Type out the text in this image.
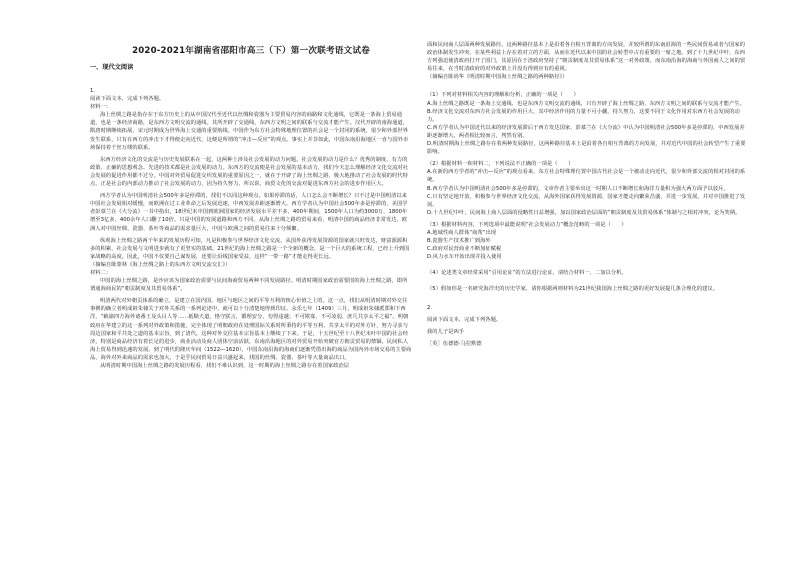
2020-2021年湖南省邵阳市高三（下）第一次联考语文试卷
一、现代文阅读

1.

阅读下面文本，完成下列各题。

材料一：

海上丝绸之路是指存在于东方历史上的从中国汉代至近代以丝绸和瓷器为主要贸易内容的商路和文化通线，它既是一条海上贸易通道，也是一条经济商路，是东西方文明交流的通线。其所开辟了交通线，东西方文明之间的联系与交流才能产生。汉代开辟的南海通道，隋唐时期继续拓展，宋元时期成为世界海上交通的重要航线。中国作为东方社会特殊地理位置的社会是一个封闭的系统，很少和外部世界发生联系，只有在西方的冲击下才得便走向近代，这便是所谓的“冲击—反应”的观点。事实上并非如此，中国东南沿海地区一直与国外市场保持着千丝万缕的联系。

东西方经济文化的交流是与历史发展联系在一起，这两种上涉及社会发展的动力问题。社会发展的动力是什么？优秀的制度、有力的政策、正确的思想观念、先进的技术都是社会发展的动力。东西方的交流便是社会发展的基本动力，找们今天怎么理解经济文化交流对社会发展的促进作用都不过分。中国对外贸易促进交织发展的重要原因之一，就在于开辟了海上丝绸之路，极大地推动了社会发展的时代特点，正是社会的内部动力推动了社会发展的动力，因为持久努力，所以说，商贸文化的交流对促进东西方社会的进步作用巨大。

西方学者认为中国明清社会500年多是停滞的，找们不以同这种观点。如果停滞的话，人口怎么会不断增长？只不过是中国明清以来中国社会发展相对缓慢，而欧洲在过工业革命之后发展迅速，中西发展差距逐渐增大。西方学者认为中国社会500年多是停滞的，美国学者彭慕兰在《大分流》一书中指出，18世纪末中国到欧洲国家的经济发展水平差不多，400年期间，1500年人口为约3000万，1800年增至3亿多，400余年人口翻了10倍。只是中国的发展道路和西方不同。从海上丝绸之路的贸易来看，明清中国的商品经济非常发达，欧洲人对中国丝绸、瓷器、茶叶等商品的需求量巨大，中国与欧洲之间的贸易往来十分频繁。

纵观海上丝绸之路两千年来的发展历程可知，凡是积极参与世界经济文化交流，从国外获得发展资源的国家就兴旺发达，财富源源积多的积累，社会发展与文明进步就有了更坚实的基础。21世纪的海上丝绸之路是一个全新的概念，是一个巨大的系统工程，已经上升到国家战略的高度。因此，中国不仅要自己谋发展，还要让沿线国家受益，这样“一带一路”才能走得更长远。

（摘编自陈蒙林《海上丝绸之路上的东西方文明交流交汇》）

材料二：

中国的海上丝绸之路，是沙应该为国家政治需要与民间海商贸易两种不同发展路径。明清时期国家政治需要国的海上丝绸之路，即所谓通海商民的“朝贡制度及其贸易体系”。

明清两代对外朝贡体系的确立，是建立在国内国、地区与地区之间的平等互利的核心价值之上的。这一点，找们从明清时期对外交往事例的确立者明成祖朱棣关于对外关系的一系列论述中，就可以十分清楚地得到印证。永乐七年（1409）三月，明成祖朱棣派郑和下西洋，“敕谕四方海外诸番王及头目人等……祗顺天道，恪守朕言，循理安分，勿得违越；不可欺寡，不可凌弱，庶几共享太平之福”。明朝政府在华建立的这一系列对外政策和措施，完全体现了明朝政府在处理国际关系时所秉持的平等互利、共享太平的对外方针，努力寻求与周边国家和平共处之道的基本宗旨。到了清代，这种对外交往基本宗旨基本上继续了下来。于是，十五世纪至十八世纪末叶中国的社会经济，特别是商品经济有着长足的进步，商业活动及商人团体空前活跃，东南沿海地区的对外贸易开始突破官方朝贡贸易的禁锢，民间私人海上贸易得到迅速的发展。到了明代的隆庆年间（1522—1620），中国东南沿海的海商们逐渐凭借出海的商品为国内外市场交易的主要商品，海外对外来商品的需求也加大，于是乎民间贸易日益兴盛起来，找国的丝绸、瓷器、茶叶等大量商品出口。

从明清时期中国海上丝绸之路的发展历程看，找们不难认识到，这一时期的海上丝绸之路存在着国家政治层

面和民间商人层面两种发展路径。这两种路径基本上是沿着各自相互背离的方向发展，并较所谓的东南沿海的一些民间贸易或者与国家的政治体制发生冲突，在某些利益上存在着对立的方面，从而在近代以来中国的社会转型中占有重要的一席之地。到了十九世纪中叶，东西方列强迫使清政府打开了国门，其原因在于清政府坚持了“朝贡制度及其贸易体系”这一对外政策，而东南沿海的海商与外国商人之间的贸易往来，在当时清政府的对外政策上并没有得到应有的重视。

（摘编自陈尚华《明清时期中国海上丝绸之路的两种路径》）

（1）下列对材料相关内容的理解和分析，正确的一项是（　　）

A.海上丝绸之路既是一条海上交通线，也是东西方文明交流的通线，只有开辟了海上丝绸之路，东西方文明之间的联系与交流才能产生。

B.经济文化交流对东西方社会发展的作用巨大，其中经济作用的力量不可小觑，持久努力，这要不同于文化作用对东西方社会发展的动力。

C.西方学者认为中国近代以来的经济发展滞后于西方发达国家，彭慕兰在《大分流》中认为中国明清社会500年多是停滞的，中西发展差距逐渐增大，两者相比较而言，判然有别。

D.明清时期海上丝绸之路存在着两种发展路径，这两种路径基本上是沿着各自相互背离的方向发展，并对近代中国的社会转型产生了重要影响。

（2）根据材料一和材料二，下列说法不正确的一项是（　　）

A.在新的西方学者的“冲击—反应”的观点看来，东方社会特殊理位置中国古代社会是一个被动走向近代，很少和外部交流的相对封闭的系统。

B.西方学者认为中国明清社会500年多是停滞的，文章作者主要举出这一时期人口不断增长和海洋力量积为强大两方面予以驳斥。

C.只有坚定地开放，积极参与世界经济文化交流，从海外国家获得发展资源，国家才能走向繁荣昌盛，并进一步发展，并对中国推进了发展。

D.十九世纪中叶，民间海上商人层面的侵略性日益增强，加以国家政治层面的“朝贡制度及其贸易体系”体制与之相对冲突，论为笑柄。

（3）根据材料内容，下列选项中最能说明“社会发展动力”概念范畴的一项是（　　）

A.地域性商人群体“商帮”出现

B.瓷器生产技术推广到海外

C.政府对民营商业不断加征赋税

D.风力水车开始出现并投入使用

（4）论述类文章经常采用“引用论证”的方法进行论证，请结合材料一、二加以分析。

（5）假如你是一名研究海洋史的历史学家，请你根据两则材料为21世纪我国海上丝绸之路的更好发展提几条合理化的建议。

2.

阅读下面文本，完成下列各题。

我的儿子是凶手

［英］伍德德·马拉默德
